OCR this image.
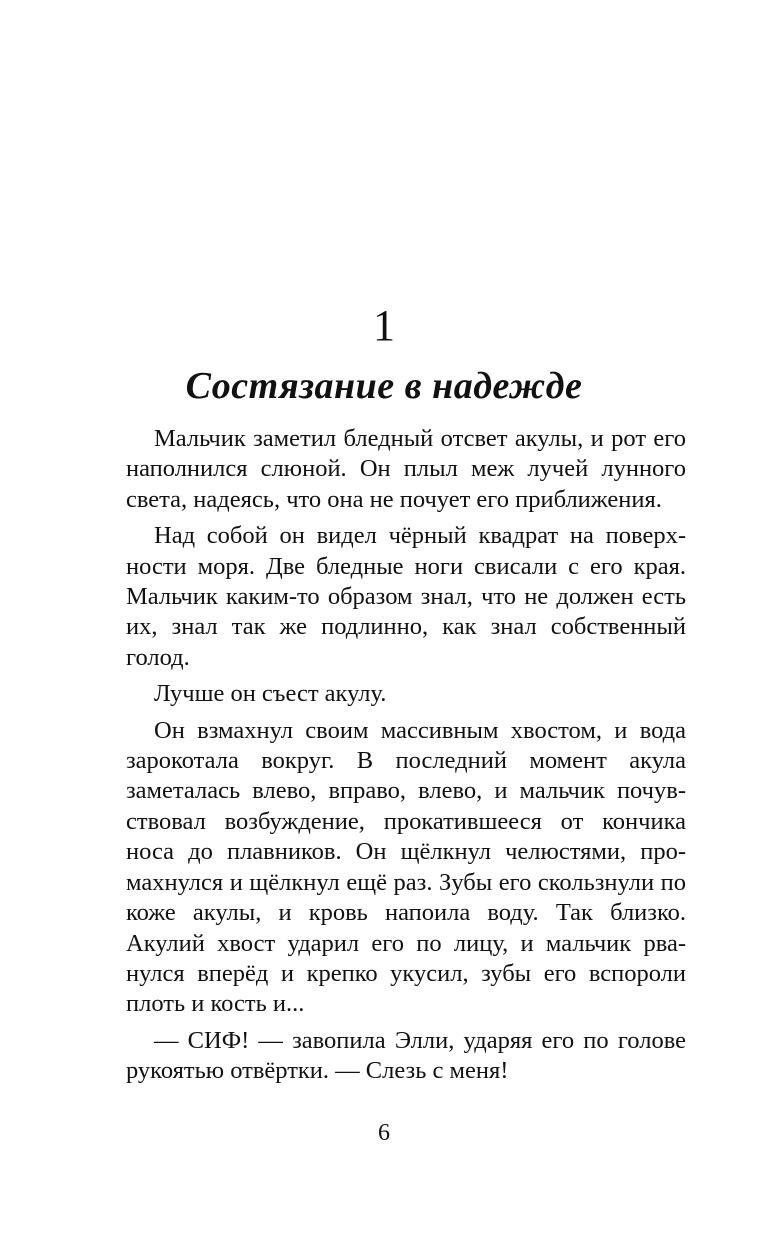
1
Состязание в надежде

Мальчик заметил бледный отсвет акулы, и рот его наполнился слюной. Он плыл меж лучей лунного света, надеясь, что она не почует его приближения.

Над собой он видел чёрный квадрат на поверхности моря. Две бледные ноги свисали с его края. Мальчик каким-то образом знал, что не должен есть их, знал так же подлинно, как знал собственный голод.

Лучше он съест акулу.

Он взмахнул своим массивным хвостом, и вода зарокотала вокруг. В последний момент акула заметалась влево, вправо, влево, и мальчик почувствовал возбуждение, прокатившееся от кончика носа до плавников. Он щёлкнул челюстями, промахнулся и щёлкнул ещё раз. Зубы его скользнули по коже акулы, и кровь напоила воду. Так близко. Акулий хвост ударил его по лицу, и мальчик рванулся вперёд и крепко укусил, зубы его вспороли плоть и кость и...

— СИФ! — завопила Элли, ударяя его по голове рукоятью отвёртки. — Слезь с меня!

6
